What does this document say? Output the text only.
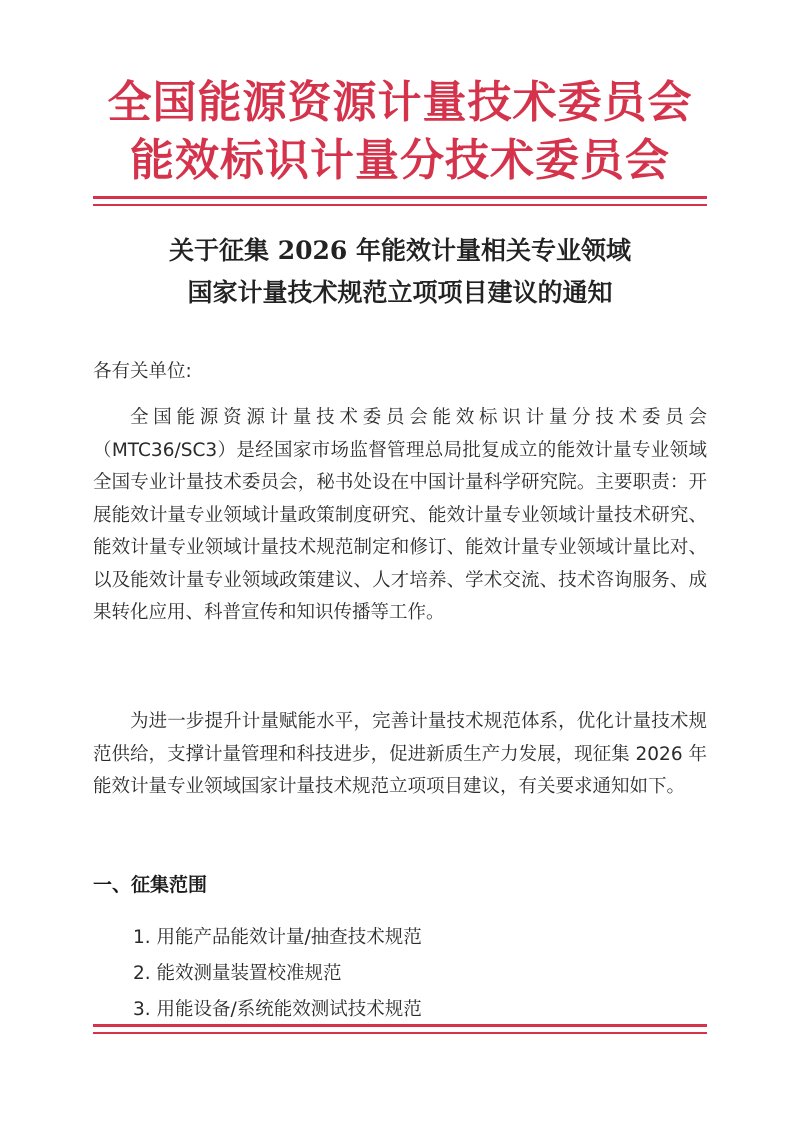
全国能源资源计量技术委员会
能效标识计量分技术委员会
关于征集 2026 年能效计量相关专业领域
国家计量技术规范立项项目建议的通知
各有关单位:

全国能源资源计量技术委员会能效标识计量分技术委员会（MTC36/SC3）是经国家市场监督管理总局批复成立的能效计量专业领域全国专业计量技术委员会，秘书处设在中国计量科学研究院。主要职责：开展能效计量专业领域计量政策制度研究、能效计量专业领域计量技术研究、能效计量专业领域计量技术规范制定和修订、能效计量专业领域计量比对、以及能效计量专业领域政策建议、人才培养、学术交流、技术咨询服务、成果转化应用、科普宣传和知识传播等工作。

为进一步提升计量赋能水平，完善计量技术规范体系，优化计量技术规范供给，支撑计量管理和科技进步，促进新质生产力发展，现征集 2026 年能效计量专业领域国家计量技术规范立项项目建议，有关要求通知如下。

一、征集范围
1. 用能产品能效计量/抽查技术规范
2. 能效测量装置校准规范
3. 用能设备/系统能效测试技术规范
